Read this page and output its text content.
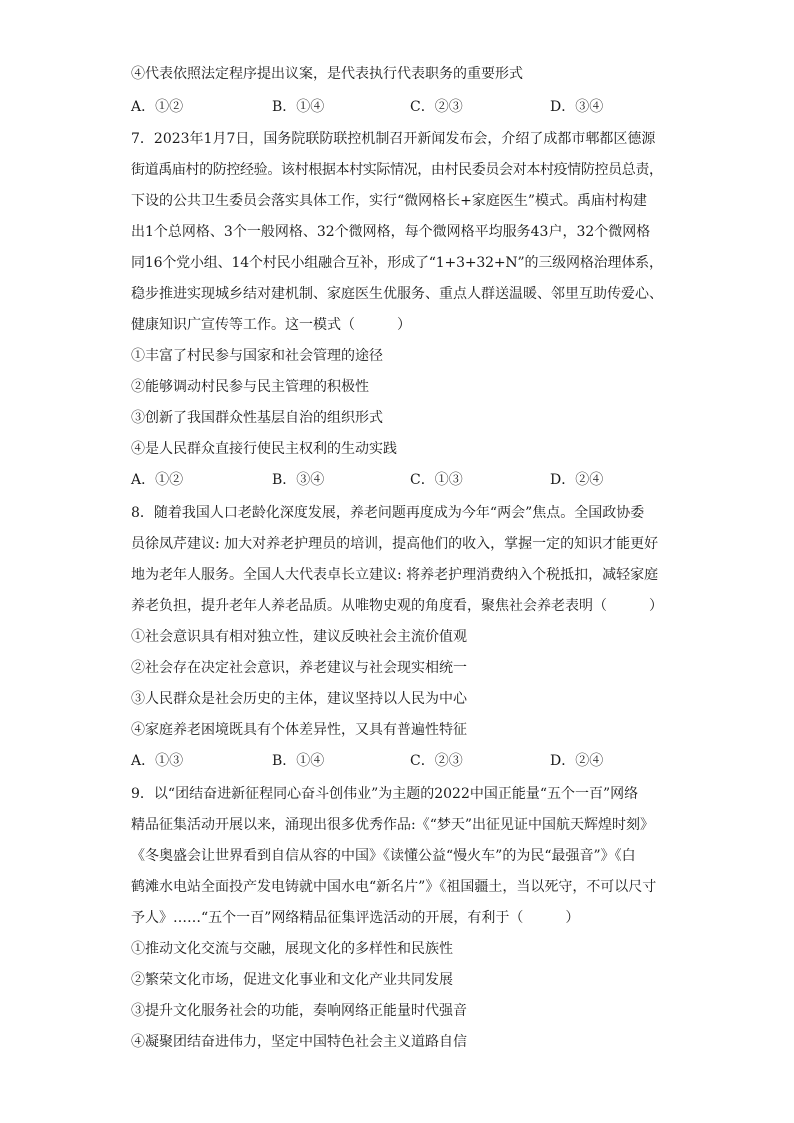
④代表依照法定程序提出议案，是代表执行代表职务的重要形式
A．①②	B．①④	C．②③	D．③④
7．2023年1月7日，国务院联防联控机制召开新闻发布会，介绍了成都市郫都区德源
街道禹庙村的防控经验。该村根据本村实际情况，由村民委员会对本村疫情防控员总责，
下设的公共卫生委员会落实具体工作，实行“微网格长+家庭医生”模式。禹庙村构建
出1个总网格、3个一般网格、32个微网格，每个微网格平均服务43户，32个微网格
同16个党小组、14个村民小组融合互补，形成了“1+3+32+N”的三级网格治理体系，
稳步推进实现城乡结对建机制、家庭医生优服务、重点人群送温暖、邻里互助传爱心、
健康知识广宣传等工作。这一模式（　　　）
①丰富了村民参与国家和社会管理的途径
②能够调动村民参与民主管理的积极性
③创新了我国群众性基层自治的组织形式
④是人民群众直接行使民主权利的生动实践
A．①②	B．③④	C．①③	D．②④
8．随着我国人口老龄化深度发展，养老问题再度成为今年“两会”焦点。全国政协委
员徐凤芹建议: 加大对养老护理员的培训，提高他们的收入，掌握一定的知识才能更好
地为老年人服务。全国人大代表卓长立建议: 将养老护理消费纳入个税抵扣，减轻家庭
养老负担，提升老年人养老品质。从唯物史观的角度看，聚焦社会养老表明（　　　）
①社会意识具有相对独立性，建议反映社会主流价值观
②社会存在决定社会意识，养老建议与社会现实相统一
③人民群众是社会历史的主体，建议坚持以人民为中心
④家庭养老困境既具有个体差异性，又具有普遍性特征
A．①③	B．①④	C．②③	D．②④
9．以“团结奋进新征程同心奋斗创伟业”为主题的2022中国正能量“五个一百”网络
精品征集活动开展以来，涌现出很多优秀作品:《“梦天”出征见证中国航天辉煌时刻》
《冬奥盛会让世界看到自信从容的中国》《读懂公益“慢火车”的为民“最强音”》《白
鹤滩水电站全面投产发电铸就中国水电“新名片”》《祖国疆土，当以死守，不可以尺寸
予人》……“五个一百”网络精品征集评选活动的开展，有利于（　　　）
①推动文化交流与交融，展现文化的多样性和民族性
②繁荣文化市场，促进文化事业和文化产业共同发展
③提升文化服务社会的功能，奏响网络正能量时代强音
④凝聚团结奋进伟力，坚定中国特色社会主义道路自信
